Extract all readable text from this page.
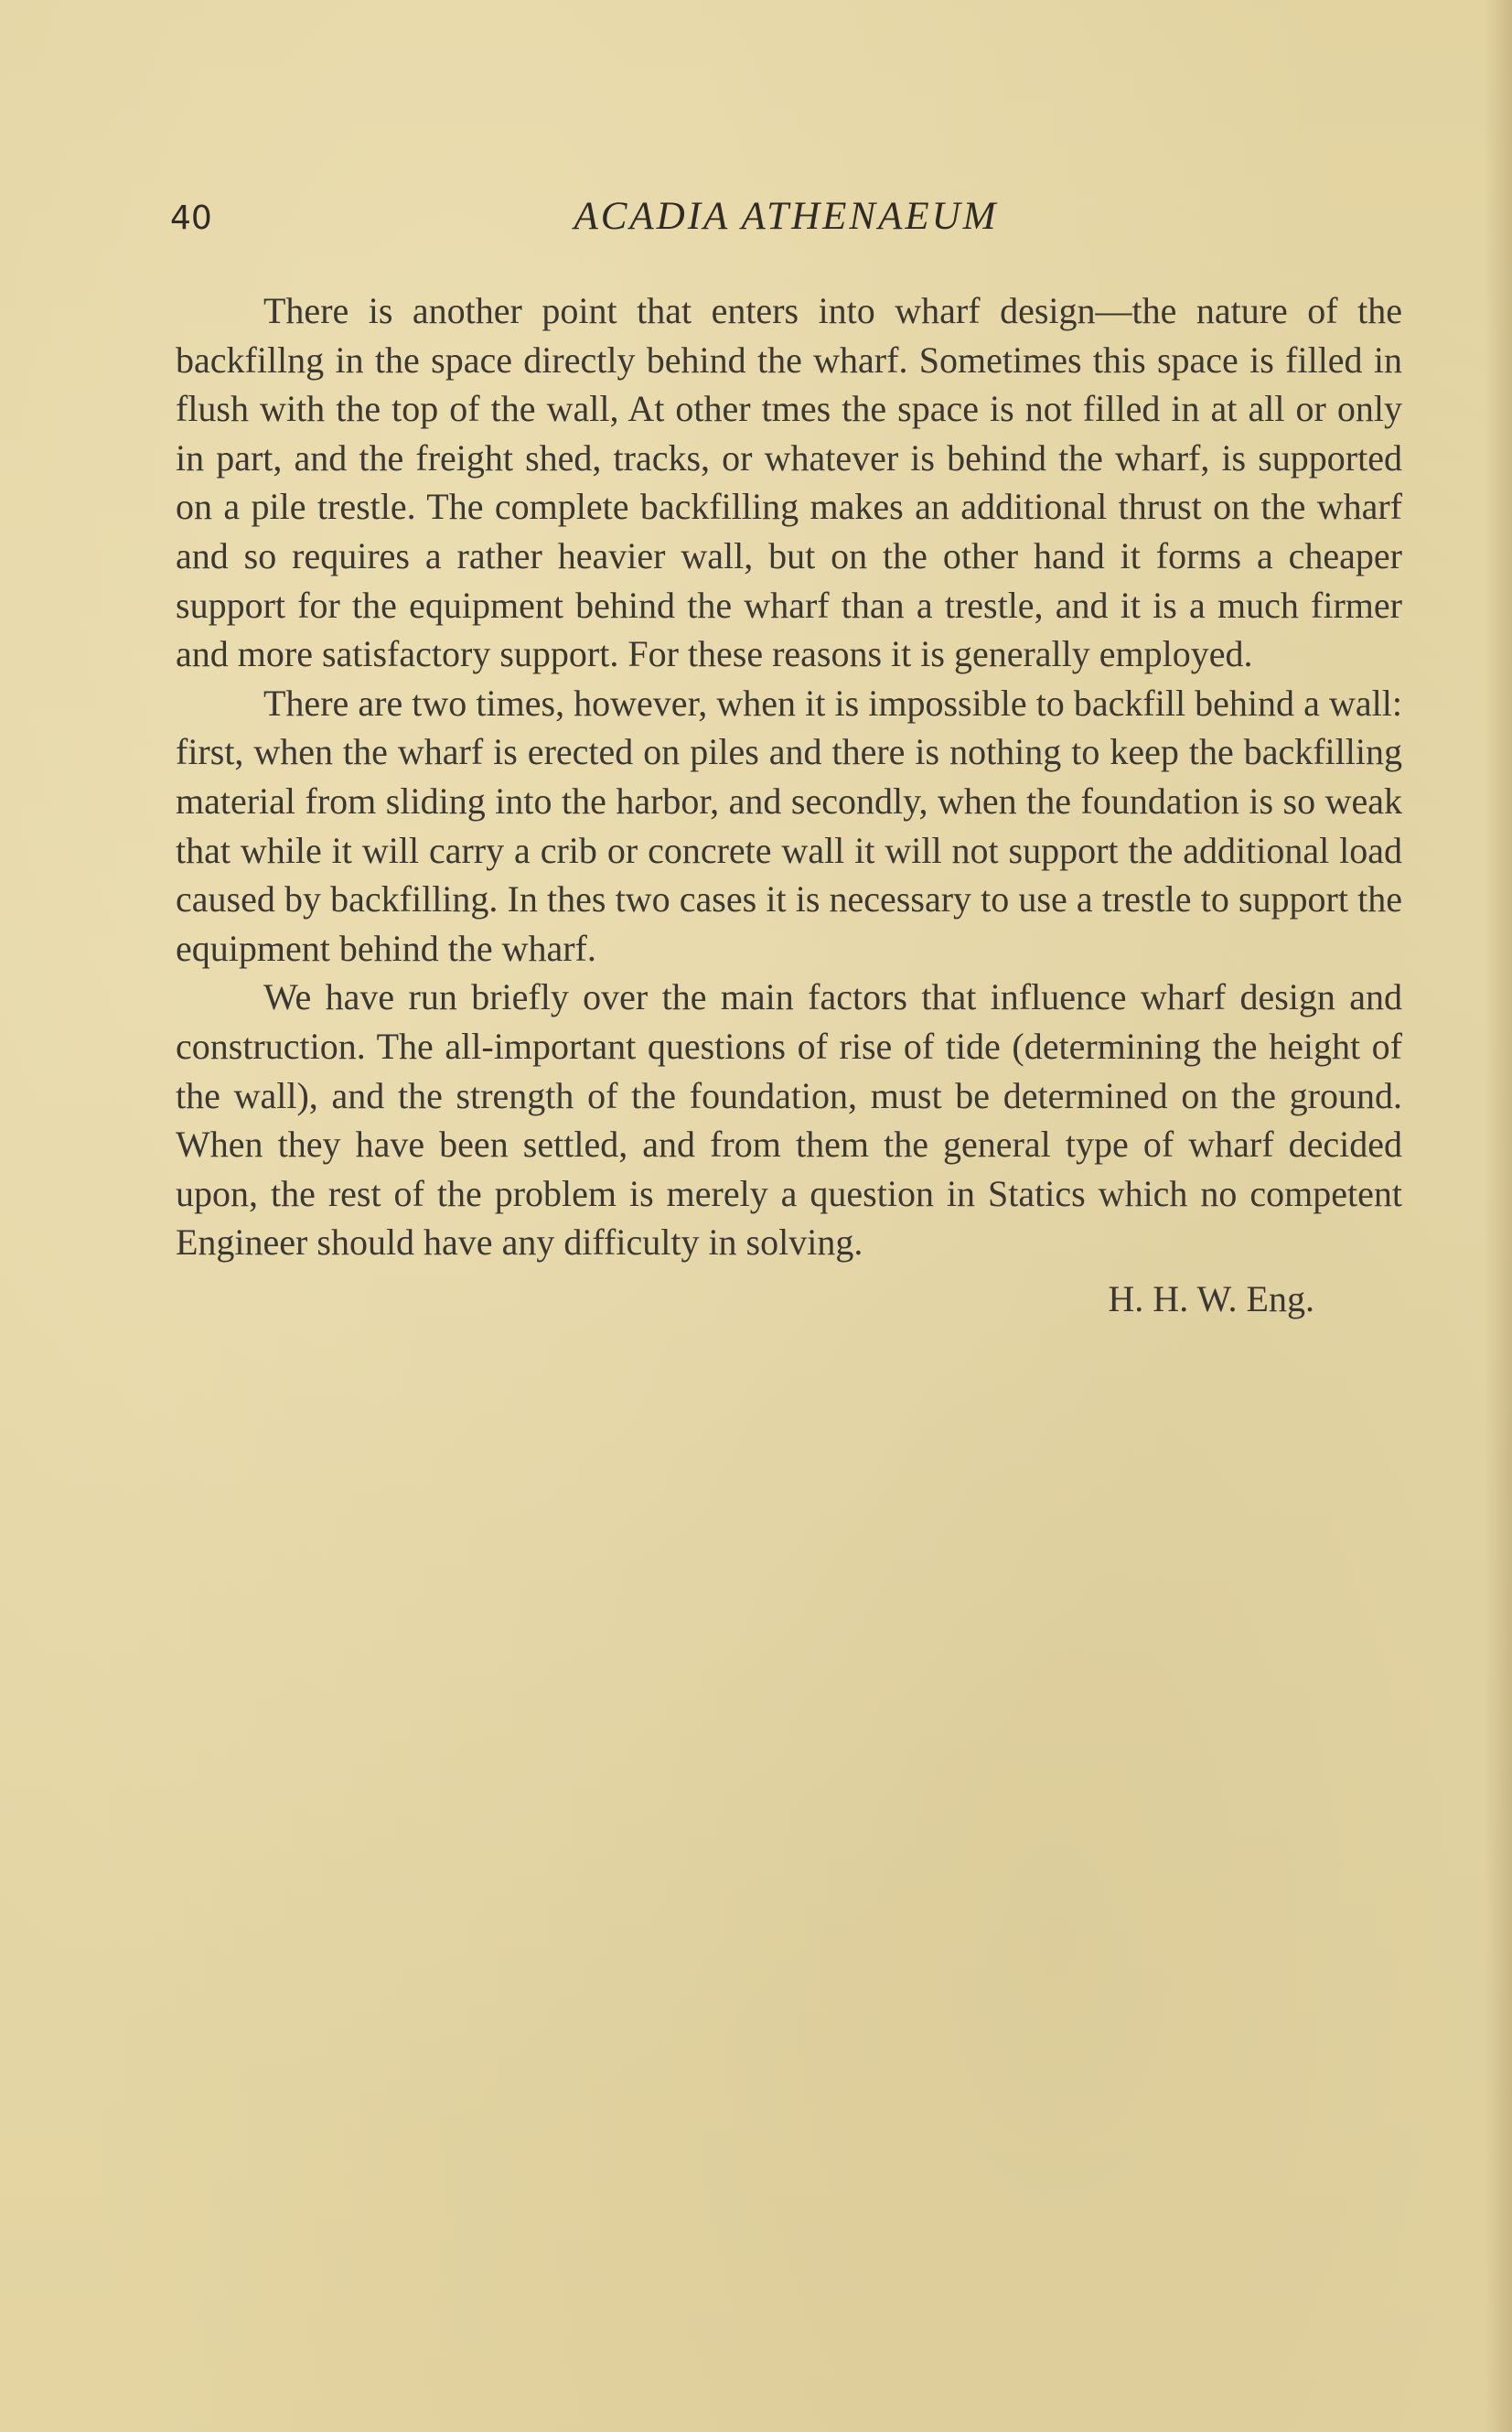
40	ACADIA ATHENAEUM

There is another point that enters into wharf design—the nature of the backfillng in the space directly behind the wharf. Sometimes this space is filled in flush with the top of the wall, At other tmes the space is not filled in at all or only in part, and the freight shed, tracks, or whatever is behind the wharf, is supported on a pile trestle. The complete backfilling makes an additional thrust on the wharf and so requires a rather heavier wall, but on the other hand it forms a cheaper support for the equipment behind the wharf than a trestle, and it is a much firmer and more satisfactory support. For these reasons it is generally employed.

There are two times, however, when it is impossible to backfill behind a wall: first, when the wharf is erected on piles and there is nothing to keep the backfilling material from sliding into the harbor, and secondly, when the foundation is so weak that while it will carry a crib or concrete wall it will not support the additional load caused by backfilling. In thes two cases it is necessary to use a trestle to support the equipment behind the wharf.

We have run briefly over the main factors that influence wharf design and construction. The all-important questions of rise of tide (determining the height of the wall), and the strength of the foundation, must be determined on the ground. When they have been settled, and from them the general type of wharf decided upon, the rest of the problem is merely a question in Statics which no competent Engineer should have any difficulty in solving.

H. H. W. Eng.
